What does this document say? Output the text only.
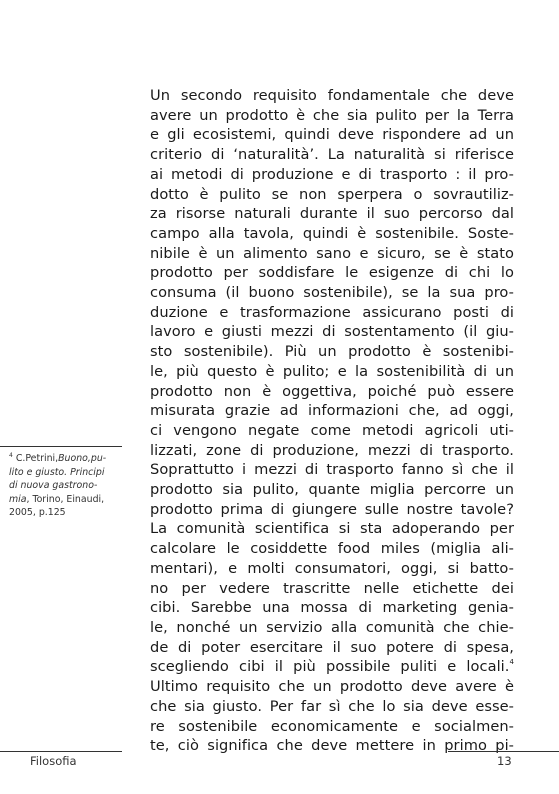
Un secondo requisito fondamentale che deve
avere un prodotto è che sia pulito per la Terra
e gli ecosistemi, quindi deve rispondere ad un
criterio di ‘naturalità’. La naturalità si riferisce
ai metodi di produzione e di trasporto : il pro-
dotto è pulito se non sperpera o sovrautiliz-
za risorse naturali durante il suo percorso dal
campo alla tavola, quindi è sostenibile. Soste-
nibile è un alimento sano e sicuro, se è stato
prodotto per soddisfare le esigenze di chi lo
consuma (il buono sostenibile), se la sua pro-
duzione e trasformazione assicurano posti di
lavoro e giusti mezzi di sostentamento (il giu-
sto sostenibile). Più un prodotto è sostenibi-
le, più questo è pulito; e la sostenibilità di un
prodotto non è oggettiva, poiché può essere
misurata grazie ad informazioni che, ad oggi,
ci vengono negate come metodi agricoli uti-
lizzati, zone di produzione, mezzi di trasporto.
Soprattutto i mezzi di trasporto fanno sì che il
prodotto sia pulito, quante miglia percorre un
prodotto prima di giungere sulle nostre tavole?
La comunità scientifica si sta adoperando per
calcolare le cosiddette food miles (miglia ali-
mentari), e molti consumatori, oggi, si batto-
no per vedere trascritte nelle etichette dei
cibi. Sarebbe una mossa di marketing genia-
le, nonché un servizio alla comunità che chie-
de di poter esercitare il suo potere di spesa,
scegliendo cibi il più possibile puliti e locali.$^4$
Ultimo requisito che un prodotto deve avere è
che sia giusto. Per far sì che lo sia deve esse-
re sostenibile economicamente e socialmen-
te, ciò significa che deve mettere in primo pi-
$^4$ C.Petrini,Buono,pu-
lito e giusto. Principi
di nuova gastrono-
mia, Torino, Einaudi,
2005, p.125
Filosofia	13
